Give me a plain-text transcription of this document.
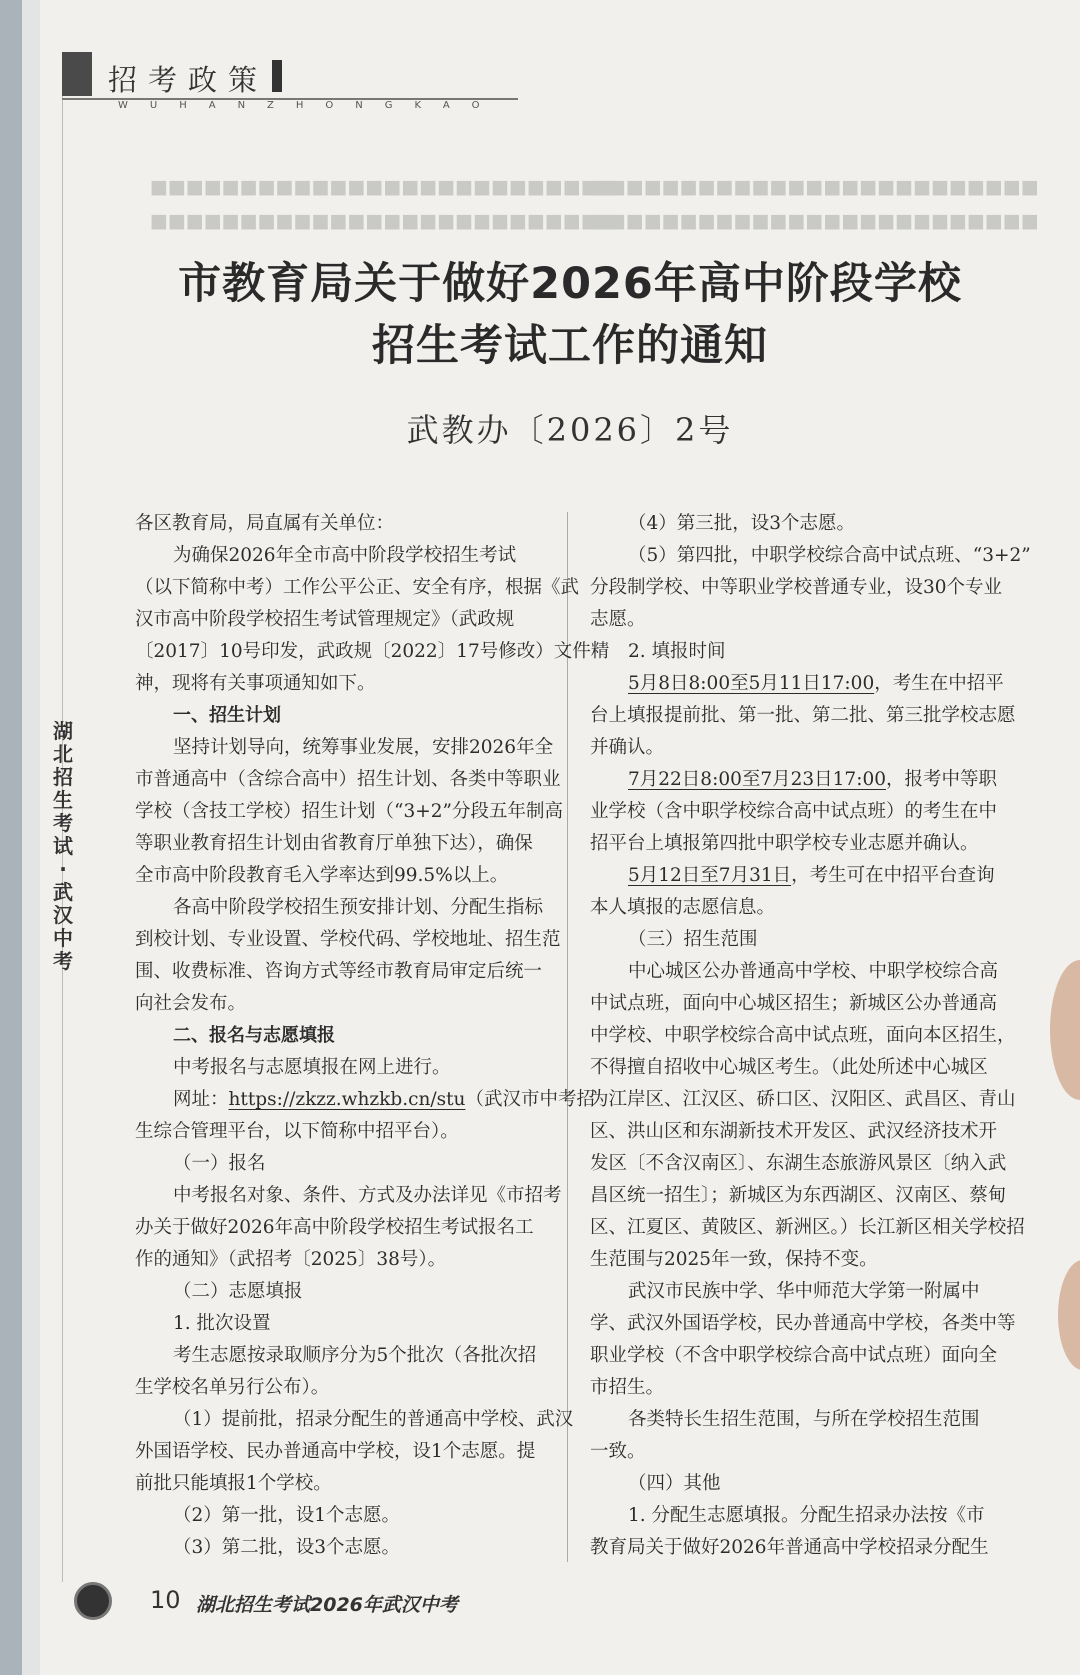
■■■■■■■■■■■■■■■■■■■■■■■■■■
■■■■■■■■■■■■■■■■■■■■■■■■■■
■■■■■■■■■■■■■■■■■■■■■■■■■
■■■■■■■■■■■■■■■■■■■■■■■■■
招考政策
WUHANZHONGKAO
市教育局关于做好2026年高中阶段学校
招生考试工作的通知
武教办〔2026〕2号
湖
北
招
生
考
试
·
武
汉
中
考

各区教育局，局直属有关单位：

为确保2026年全市高中阶段学校招生考试

（以下简称中考）工作公平公正、安全有序，根据《武

汉市高中阶段学校招生考试管理规定》（武政规

〔2017〕10号印发，武政规〔2022〕17号修改）文件精

神，现将有关事项通知如下。

一、招生计划

坚持计划导向，统筹事业发展，安排2026年全

市普通高中（含综合高中）招生计划、各类中等职业

学校（含技工学校）招生计划（“3+2”分段五年制高

等职业教育招生计划由省教育厅单独下达），确保

全市高中阶段教育毛入学率达到99.5%以上。

各高中阶段学校招生预安排计划、分配生指标

到校计划、专业设置、学校代码、学校地址、招生范

围、收费标准、咨询方式等经市教育局审定后统一

向社会发布。

二、报名与志愿填报

中考报名与志愿填报在网上进行。

网址：https://zkzz.whzkb.cn/stu（武汉市中考招

生综合管理平台，以下简称中招平台）。

（一）报名

中考报名对象、条件、方式及办法详见《市招考

办关于做好2026年高中阶段学校招生考试报名工

作的通知》（武招考〔2025〕38号）。

（二）志愿填报

1. 批次设置

考生志愿按录取顺序分为5个批次（各批次招

生学校名单另行公布）。

（1）提前批，招录分配生的普通高中学校、武汉

外国语学校、民办普通高中学校，设1个志愿。提

前批只能填报1个学校。

（2）第一批，设1个志愿。

（3）第二批，设3个志愿。

（4）第三批，设3个志愿。

（5）第四批，中职学校综合高中试点班、“3+2”

分段制学校、中等职业学校普通专业，设30个专业

志愿。

2. 填报时间

5月8日8:00至5月11日17:00，考生在中招平

台上填报提前批、第一批、第二批、第三批学校志愿

并确认。

7月22日8:00至7月23日17:00，报考中等职

业学校（含中职学校综合高中试点班）的考生在中

招平台上填报第四批中职学校专业志愿并确认。

5月12日至7月31日，考生可在中招平台查询

本人填报的志愿信息。

（三）招生范围

中心城区公办普通高中学校、中职学校综合高

中试点班，面向中心城区招生；新城区公办普通高

中学校、中职学校综合高中试点班，面向本区招生，

不得擅自招收中心城区考生。（此处所述中心城区

为江岸区、江汉区、硚口区、汉阳区、武昌区、青山

区、洪山区和东湖新技术开发区、武汉经济技术开

发区〔不含汉南区〕、东湖生态旅游风景区〔纳入武

昌区统一招生〕；新城区为东西湖区、汉南区、蔡甸

区、江夏区、黄陂区、新洲区。）长江新区相关学校招

生范围与2025年一致，保持不变。

武汉市民族中学、华中师范大学第一附属中

学、武汉外国语学校，民办普通高中学校，各类中等

职业学校（不含中职学校综合高中试点班）面向全

市招生。

各类特长生招生范围，与所在学校招生范围

一致。

（四）其他

1. 分配生志愿填报。分配生招录办法按《市

教育局关于做好2026年普通高中学校招录分配生

10 湖北招生考试2026年武汉中考
